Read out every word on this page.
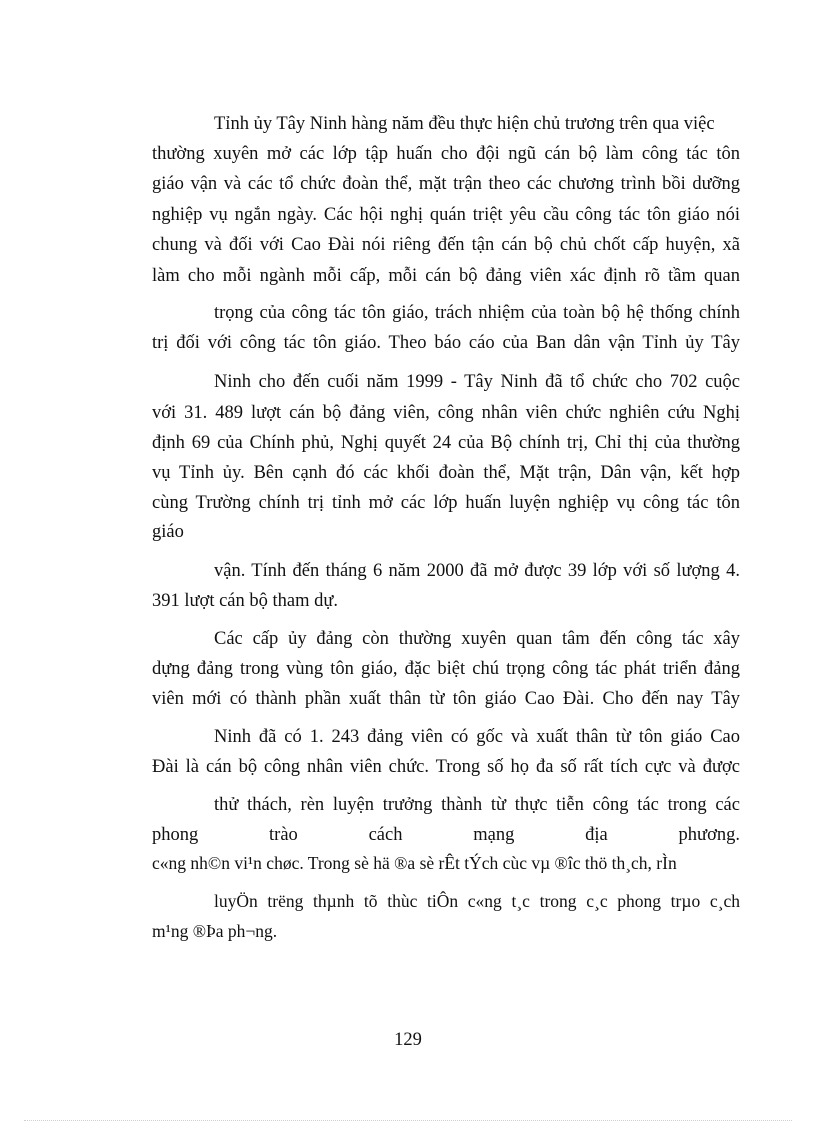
Tỉnh ủy Tây Ninh hàng năm đều thực hiện chủ trương trên qua việc
thường xuyên mở các lớp tập huấn cho đội ngũ cán bộ làm công tác tôn
giáo vận và các tổ chức đoàn thể, mặt trận theo các chương trình bồi dưỡng
nghiệp vụ ngắn ngày. Các hội nghị quán triệt yêu cầu công tác tôn giáo nói
chung và đối với Cao Đài nói riêng đến tận cán bộ chủ chốt cấp huyện, xã
làm cho mỗi ngành mỗi cấp, mỗi cán bộ đảng viên xác định rõ tầm quan
trọng của công tác tôn giáo, trách nhiệm của toàn bộ hệ thống chính
trị đối với công tác tôn giáo. Theo báo cáo của Ban dân vận Tỉnh ủy Tây
Ninh cho đến cuối năm 1999 - Tây Ninh đã tổ chức cho 702 cuộc
với 31. 489 lượt cán bộ đảng viên, công nhân viên chức nghiên cứu Nghị
định 69 của Chính phủ, Nghị quyết 24 của Bộ chính trị, Chỉ thị của thường
vụ Tỉnh ủy. Bên cạnh đó các khối đoàn thể, Mặt trận, Dân vận, kết hợp
cùng Trường chính trị tỉnh mở các lớp huấn luyện nghiệp vụ công tác tôn
giáo
vận. Tính đến tháng 6 năm 2000 đã mở được 39 lớp với số lượng 4.
391 lượt cán bộ tham dự.
Các cấp ủy đảng còn thường xuyên quan tâm đến công tác xây
dựng đảng trong vùng tôn giáo, đặc biệt chú trọng công tác phát triển đảng
viên mới có thành phần xuất thân từ tôn giáo Cao Đài. Cho đến nay Tây
Ninh đã có 1. 243 đảng viên có gốc và xuất thân từ tôn giáo Cao
Đài là cán bộ công nhân viên chức. Trong số họ đa số rất tích cực và được
thử thách, rèn luyện trưởng thành từ thực tiễn công tác trong các
phong trào cách mạng địa phương.
c«ng nh©n vi¹n chøc. Trong sè hä ®a sè rÊt tÝch cùc vµ ®îc thö th¸ch, rÌn
luyÖn trëng thµnh tõ thùc tiÔn c«ng t¸c trong c¸c phong trµo c¸ch
m¹ng ®Þa ph¬ng.
129
